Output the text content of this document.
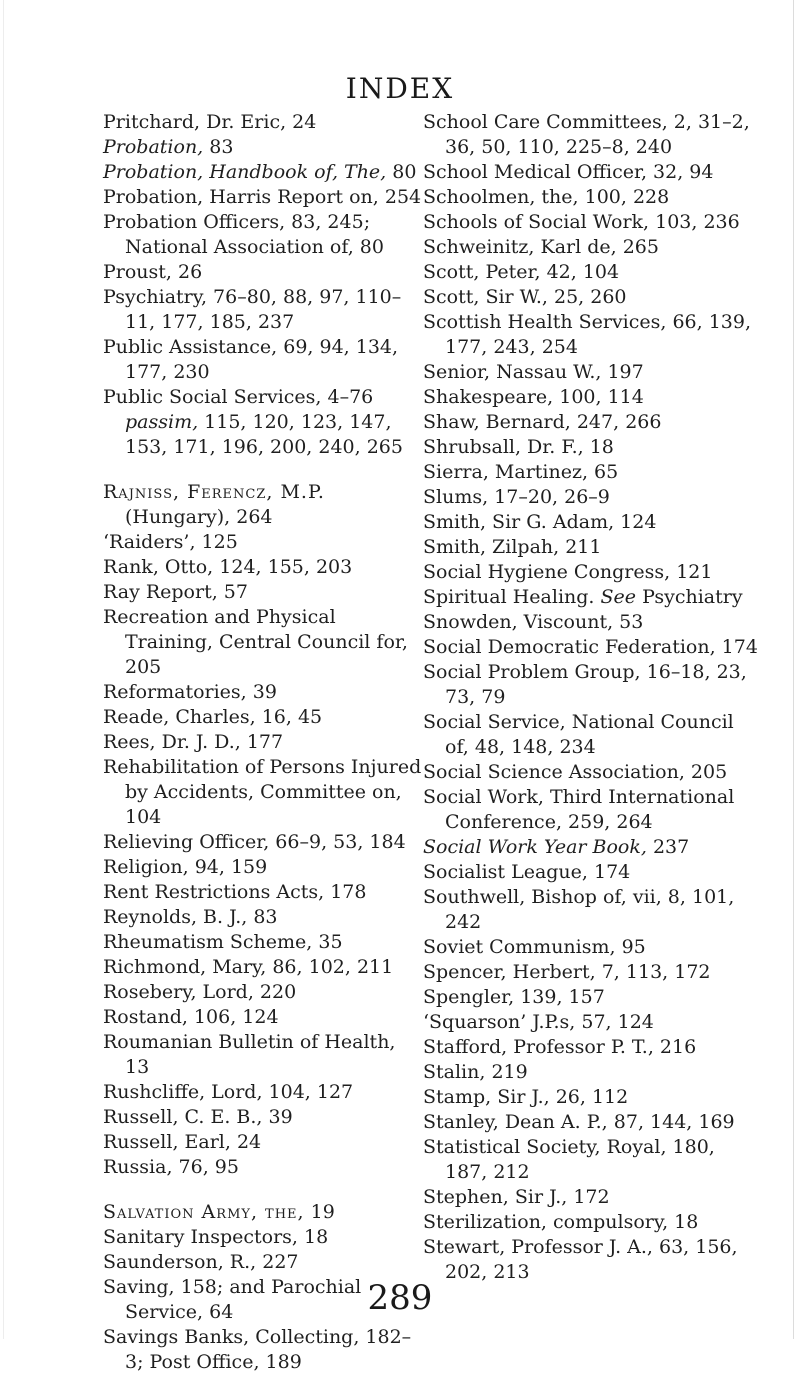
INDEX

Pritchard, Dr. Eric, 24

Probation, 83

Probation, Handbook of, The, 80

Probation, Harris Report on, 254

Probation Officers, 83, 245; National Association of, 80

Proust, 26

Psychiatry, 76–80, 88, 97, 110–11, 177, 185, 237

Public Assistance, 69, 94, 134, 177, 230

Public Social Services, 4–76 passim, 115, 120, 123, 147, 153, 171, 196, 200, 240, 265

Rajniss, Ferencz, M.P. (Hungary), 264

‘Raiders’, 125

Rank, Otto, 124, 155, 203

Ray Report, 57

Recreation and Physical Training, Central Council for, 205

Reformatories, 39

Reade, Charles, 16, 45

Rees, Dr. J. D., 177

Rehabilitation of Persons Injured by Accidents, Committee on, 104

Relieving Officer, 66–9, 53, 184

Religion, 94, 159

Rent Restrictions Acts, 178

Reynolds, B. J., 83

Rheumatism Scheme, 35

Richmond, Mary, 86, 102, 211

Rosebery, Lord, 220

Rostand, 106, 124

Roumanian Bulletin of Health, 13

Rushcliffe, Lord, 104, 127

Russell, C. E. B., 39

Russell, Earl, 24

Russia, 76, 95

Salvation Army, the, 19

Sanitary Inspectors, 18

Saunderson, R., 227

Saving, 158; and Parochial Service, 64

Savings Banks, Collecting, 182–3; Post Office, 189

School Care Committees, 2, 31–2, 36, 50, 110, 225–8, 240

School Medical Officer, 32, 94

Schoolmen, the, 100, 228

Schools of Social Work, 103, 236

Schweinitz, Karl de, 265

Scott, Peter, 42, 104

Scott, Sir W., 25, 260

Scottish Health Services, 66, 139, 177, 243, 254

Senior, Nassau W., 197

Shakespeare, 100, 114

Shaw, Bernard, 247, 266

Shrubsall, Dr. F., 18

Sierra, Martinez, 65

Slums, 17–20, 26–9

Smith, Sir G. Adam, 124

Smith, Zilpah, 211

Social Hygiene Congress, 121

Spiritual Healing. See Psychiatry

Snowden, Viscount, 53

Social Democratic Federation, 174

Social Problem Group, 16–18, 23, 73, 79

Social Service, National Council of, 48, 148, 234

Social Science Association, 205

Social Work, Third International Conference, 259, 264

Social Work Year Book, 237

Socialist League, 174

Southwell, Bishop of, vii, 8, 101, 242

Soviet Communism, 95

Spencer, Herbert, 7, 113, 172

Spengler, 139, 157

‘Squarson’ J.P.s, 57, 124

Stafford, Professor P. T., 216

Stalin, 219

Stamp, Sir J., 26, 112

Stanley, Dean A. P., 87, 144, 169

Statistical Society, Royal, 180, 187, 212

Stephen, Sir J., 172

Sterilization, compulsory, 18

Stewart, Professor J. A., 63, 156, 202, 213

289
